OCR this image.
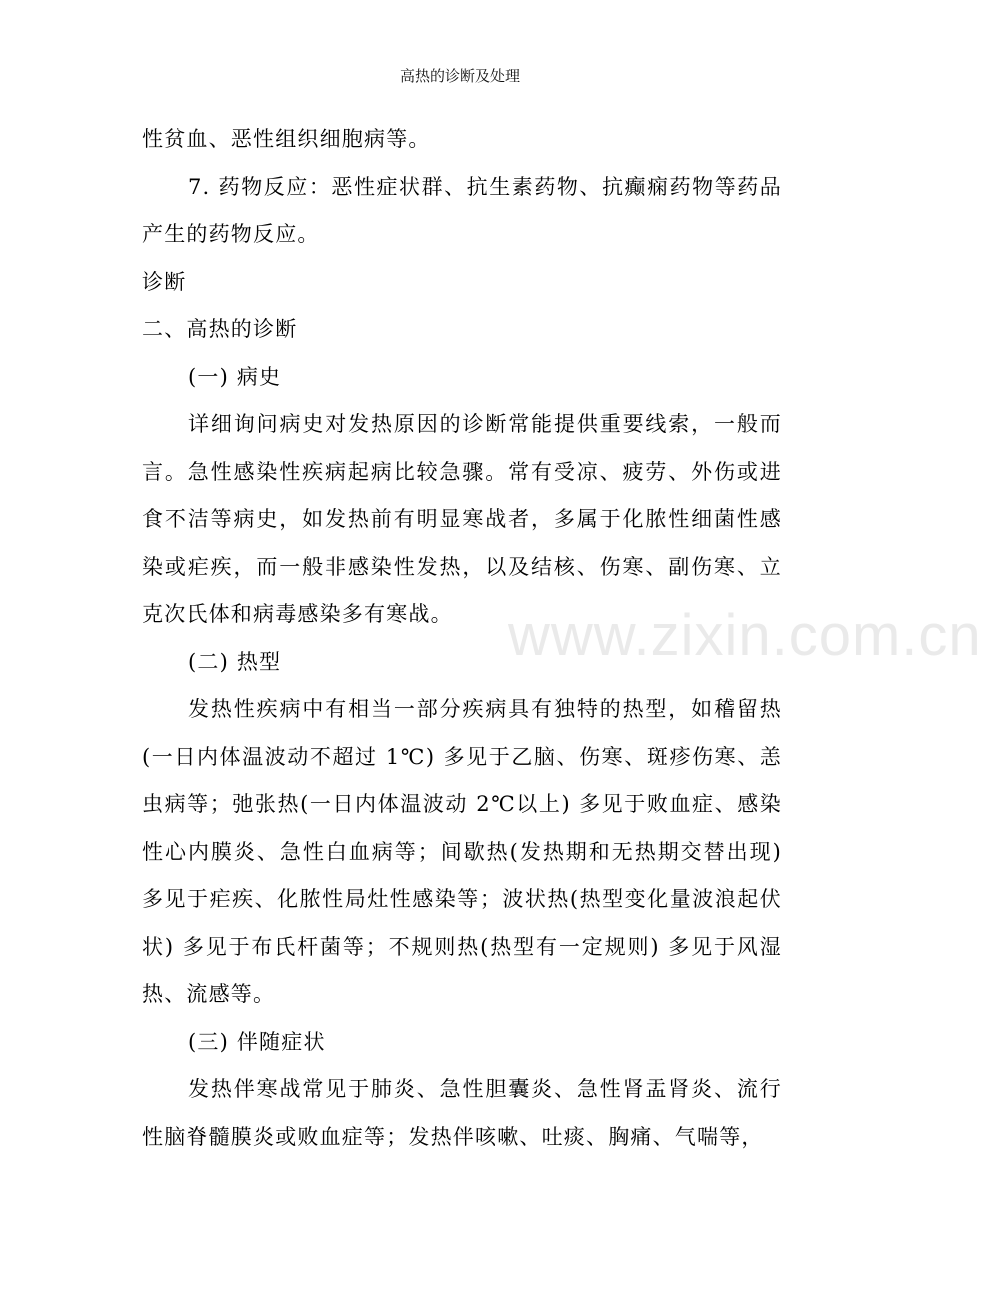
高热的诊断及处理

性贫血、恶性组织细胞病等。

7. 药物反应：恶性症状群、抗生素药物、抗癫痫药物等药品产生的药物反应。

诊断

二、高热的诊断

(一) 病史

详细询问病史对发热原因的诊断常能提供重要线索，一般而言。急性感染性疾病起病比较急骤。常有受凉、疲劳、外伤或进食不洁等病史，如发热前有明显寒战者，多属于化脓性细菌性感染或疟疾，而一般非感染性发热，以及结核、伤寒、副伤寒、立克次氏体和病毒感染多有寒战。

(二) 热型

发热性疾病中有相当一部分疾病具有独特的热型，如稽留热(一日内体温波动不超过 1℃) 多见于乙脑、伤寒、斑疹伤寒、恙虫病等；弛张热(一日内体温波动 2℃以上) 多见于败血症、感染性心内膜炎、急性白血病等；间歇热(发热期和无热期交替出现) 多见于疟疾、化脓性局灶性感染等；波状热(热型变化量波浪起伏状) 多见于布氏杆菌等；不规则热(热型有一定规则) 多见于风湿热、流感等。

(三) 伴随症状

发热伴寒战常见于肺炎、急性胆囊炎、急性肾盂肾炎、流行性脑脊髓膜炎或败血症等；发热伴咳嗽、吐痰、胸痛、气喘等，

www.zixin.com.cn
